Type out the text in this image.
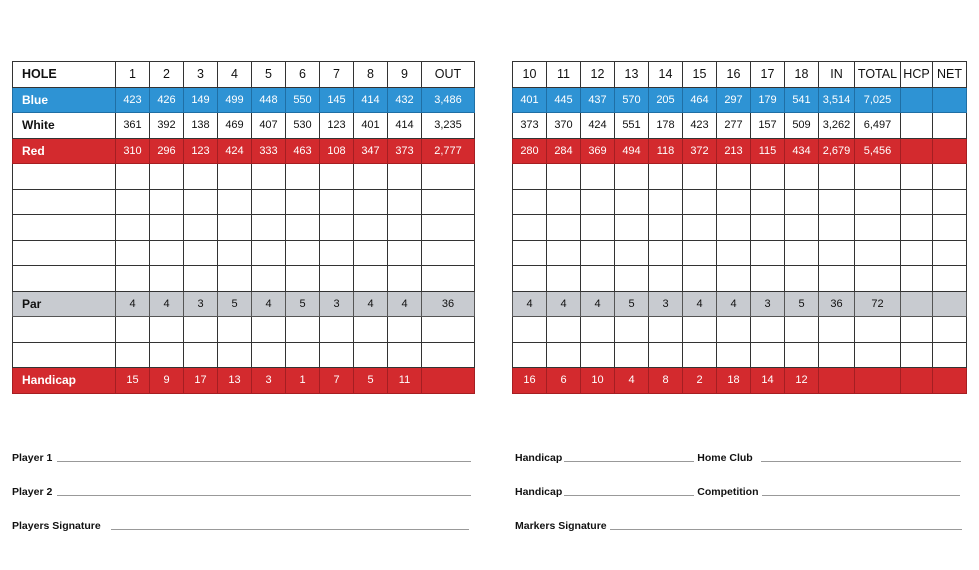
HOLE	1	2	3	4	5	6	7	8	9	OUT
Blue	423	426	149	499	448	550	145	414	432	3,486
White	361	392	138	469	407	530	123	401	414	3,235
Red	310	296	123	424	333	463	108	347	373	2,777

Par	4	4	3	5	4	5	3	4	4	36

Handicap	15	9	17	13	3	1	7	5	11	
10	11	12	13	14	15	16	17	18	IN	TOTAL	HCP	NET
401	445	437	570	205	464	297	179	541	3,514	7,025		
373	370	424	551	178	423	277	157	509	3,262	6,497		
280	284	369	494	118	372	213	115	434	2,679	5,456		

4	4	4	5	3	4	4	3	5	36	72		

16	6	10	4	8	2	18	14	12				
Player 1
Player 2
Players Signature
Handicap	Home Club
Handicap	Competition
Markers Signature
